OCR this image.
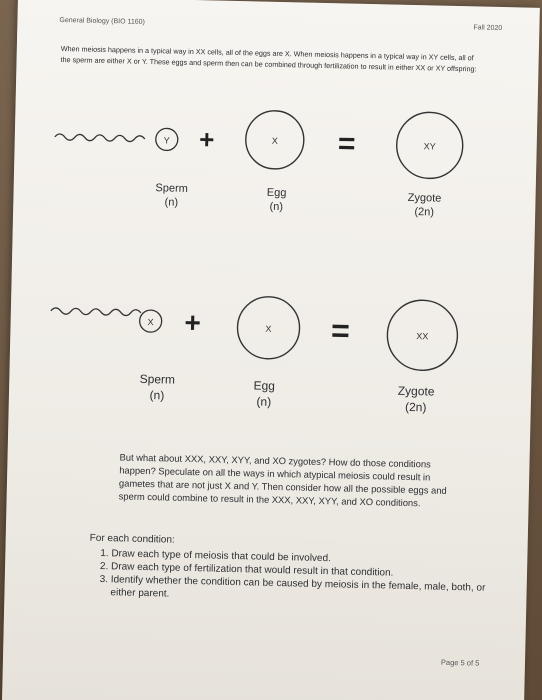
General Biology (BIO 1160)
Fall 2020
When meiosis happens in a typical way in XX cells, all of the eggs are X. When meiosis happens in a typical way in XY cells, all of the sperm are either X or Y. These eggs and sperm then can be combined through fertilization to result in either XX or XY offspring:
Y +	X =	XY
Sperm
(n)
Egg
(n)
Zygote
(2n)
X +	X =	XX
Sperm
(n)
Egg
(n)
Zygote
(2n)
But what about XXX, XXY, XYY, and XO zygotes? How do those conditions happen? Speculate on all the ways in which atypical meiosis could result in gametes that are not just X and Y. Then consider how all the possible eggs and sperm could combine to result in the XXX, XXY, XYY, and XO conditions.
For each condition:
1. Draw each type of meiosis that could be involved.
2. Draw each type of fertilization that would result in that condition.
3. Identify whether the condition can be caused by meiosis in the female, male, both, or either parent.
Page 5 of 5
